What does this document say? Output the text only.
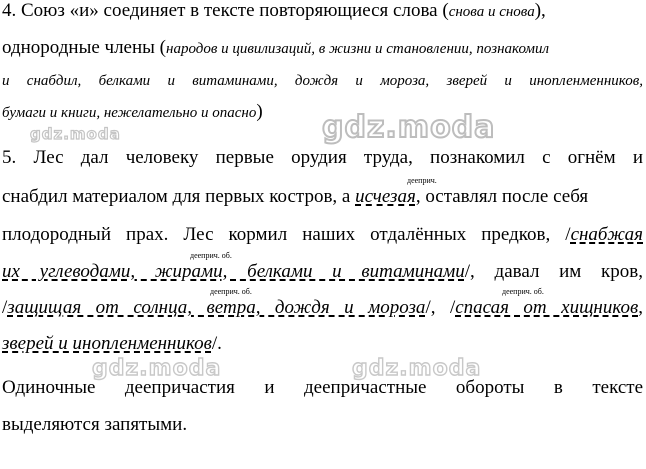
gdz.moda	gdz.moda
gdz.moda	gdz.moda
4. Союз «и» соединяет в тексте повторяющиеся слова (снова и снова),
однородные члены (народов и цивилизаций, в жизни и становлении, познакомил
и снабдил, белками и витаминами, дождя и мороза, зверей и инопленменников,
бумаги и книги, нежелательно и опасно)
5. Лес дал человеку первые орудия труда, познакомил с огнём и
дееприч.
снабдил материалом для первых костров, а исчезая, оставлял после себя
плодородный прах. Лес кормил наших отдалённых предков, /снабжая
дееприч. об.
их углеводами, жирами, белками и витаминами/, давал им кров,
дееприч. об.	дееприч. об.
/защищая от солнца, ветра, дождя и мороза/, /спасая от хищников,
зверей и инопленменников/.
Одиночные деепричастия и деепричастные обороты в тексте
выделяются запятыми.
